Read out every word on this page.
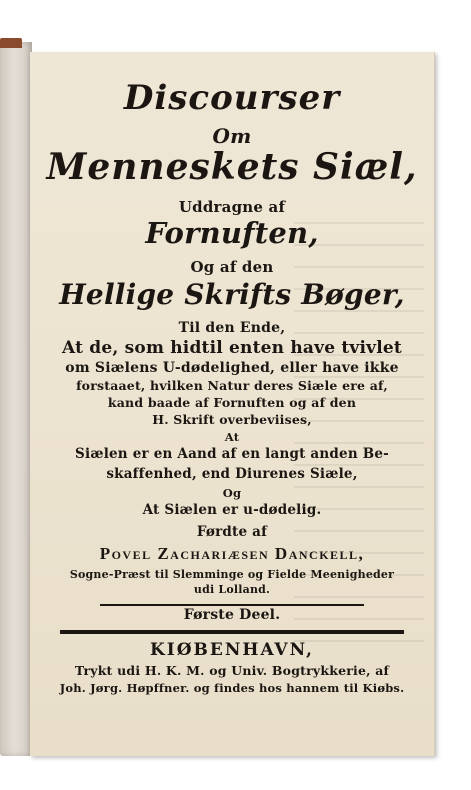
Discourser

Om

Menneskets Siæl,

Uddragne af

Fornuften,

Og af den

Hellige Skrifts Bøger,

Til den Ende,

At de, som hidtil enten have tvivlet

om Siælens U-dødelighed, eller have ikke

forstaaet, hvilken Natur deres Siæle ere af,

kand baade af Fornuften og af den

H. Skrift overbeviises,

At

Siælen er en Aand af en langt anden Be-

skaffenhed, end Diurenes Siæle,

Og

At Siælen er u-dødelig.

Førdte af

Povel Zachariæsen Danckell,

Sogne-Præst til Slemminge og Fielde Meenigheder

udi Lolland.

Første Deel.

KIØBENHAVN,

Trykt udi H. K. M. og Univ. Bogtrykkerie, af

Joh. Jørg. Høpffner. og findes hos hannem til Kiøbs.
